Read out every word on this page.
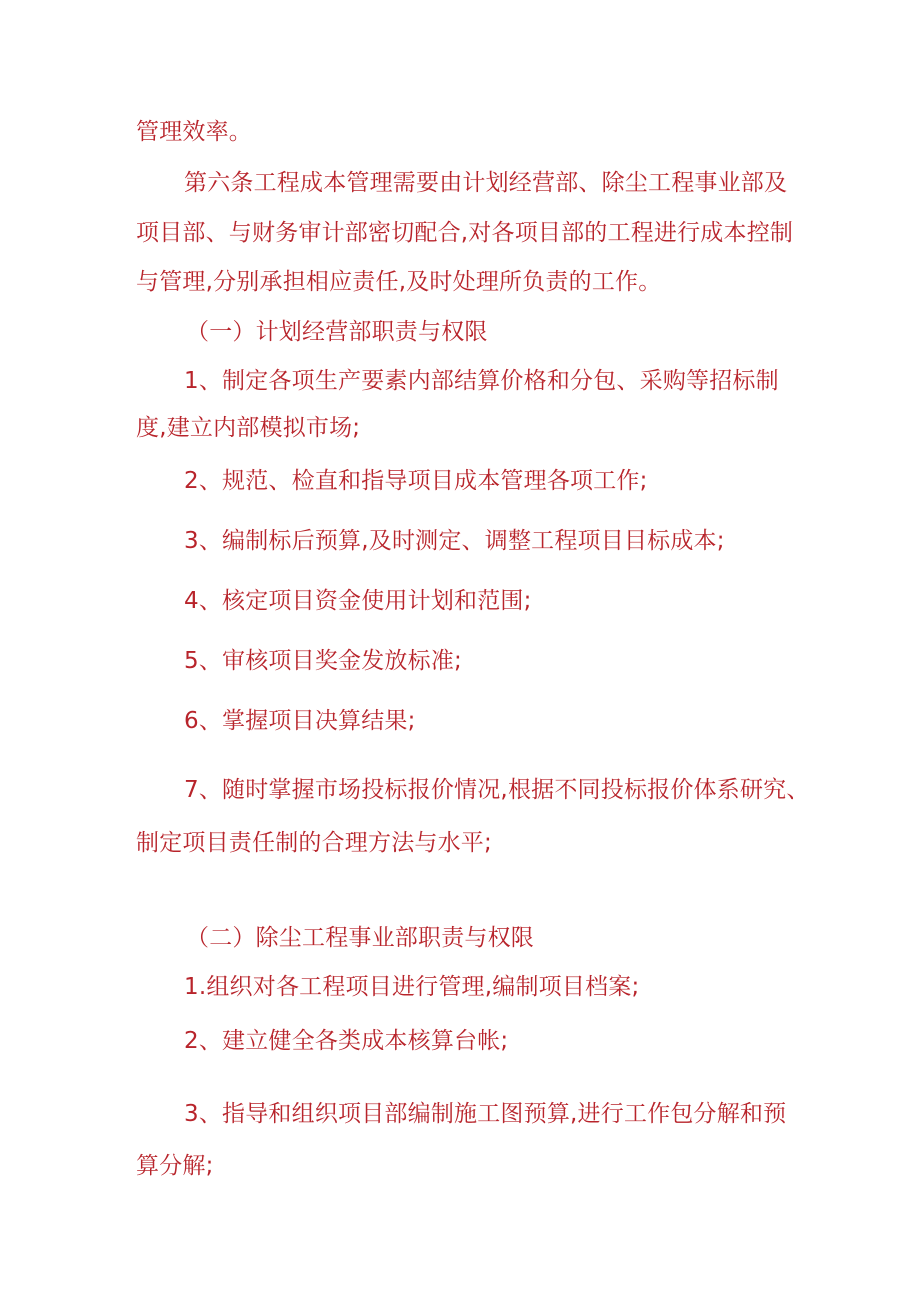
管理效率。
第六条工程成本管理需要由计划经营部、除尘工程事业部及
项目部、与财务审计部密切配合,对各项目部的工程进行成本控制
与管理,分别承担相应责任,及时处理所负责的工作。
（一）计划经营部职责与权限
1、制定各项生产要素内部结算价格和分包、采购等招标制
度,建立内部模拟市场;
2、规范、检直和指导项目成本管理各项工作;
3、编制标后预算,及时测定、调整工程项目目标成本;
4、核定项目资金使用计划和范围;
5、审核项目奖金发放标准;
6、掌握项目决算结果;
7、随时掌握市场投标报价情况,根据不同投标报价体系研究、
制定项目责任制的合理方法与水平;
（二）除尘工程事业部职责与权限
1.组织对各工程项目进行管理,编制项目档案;
2、建立健全各类成本核算台帐;
3、指导和组织项目部编制施工图预算,进行工作包分解和预
算分解;
